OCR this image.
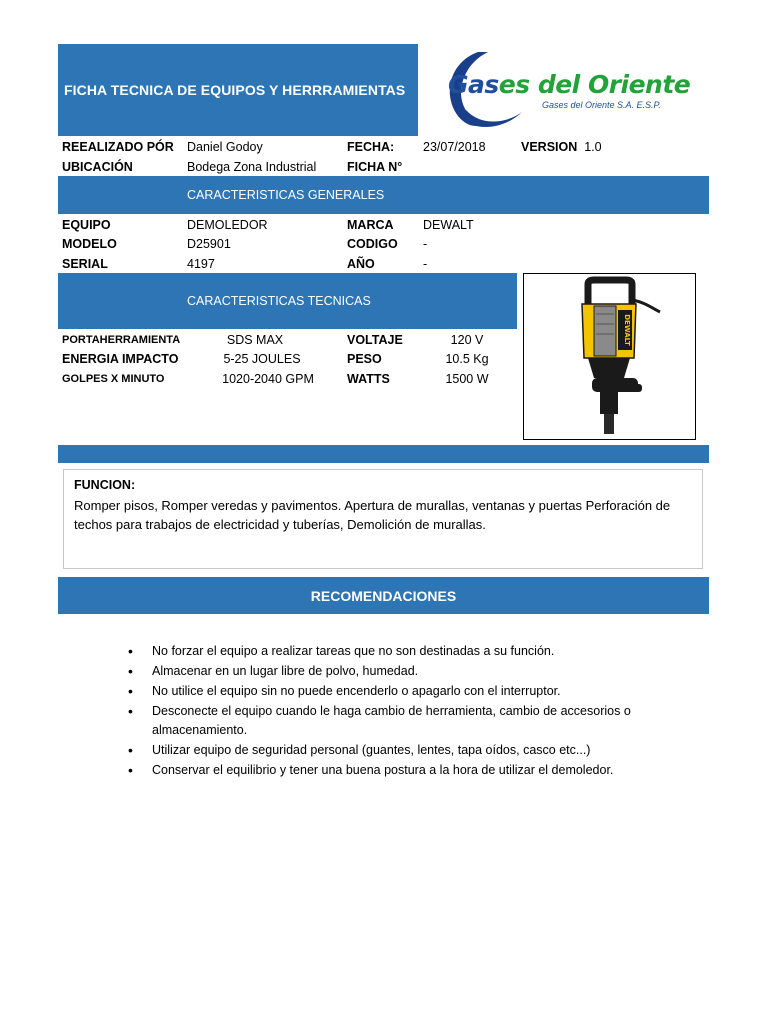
FICHA TECNICA DE EQUIPOS Y HERRRAMIENTAS Gases del Oriente
Gases del Oriente S.A. E.S.P.
REEALIZADO PÓR Daniel Godoy	FECHA: 23/07/2018	VERSION 1.0
UBICACIÓN	Bodega Zona Industrial FICHA N°
CARACTERISTICAS GENERALES
EQUIPO	DEMOLEDOR	MARCA DEWALT
MODELO	D25901	CODIGO -
SERIAL	4197	AÑO	-
CARACTERISTICAS TECNICAS
PORTAHERRAMIENTA	SDS MAX	VOLTAJE	120 V
ENERGIA IMPACTO	5-25 JOULES	PESO	10.5 Kg
GOLPES X MINUTO	1020-2040 GPM	WATTS	1500 W
DEWALT
FUNCION:
Romper pisos, Romper veredas y pavimentos. Apertura de murallas, ventanas y puertas Perforación de techos para trabajos de electricidad y tuberías, Demolición de murallas.
RECOMENDACIONES
• No forzar el equipo a realizar tareas que no son destinadas a su función.
• Almacenar en un lugar libre de polvo, humedad.
• No utilice el equipo sin no puede encenderlo o apagarlo con el interruptor.
• Desconecte el equipo cuando le haga cambio de herramienta, cambio de accesorios o almacenamiento.
• Utilizar equipo de seguridad personal (guantes, lentes, tapa oídos, casco etc...)
• Conservar el equilibrio y tener una buena postura a la hora de utilizar el demoledor.
